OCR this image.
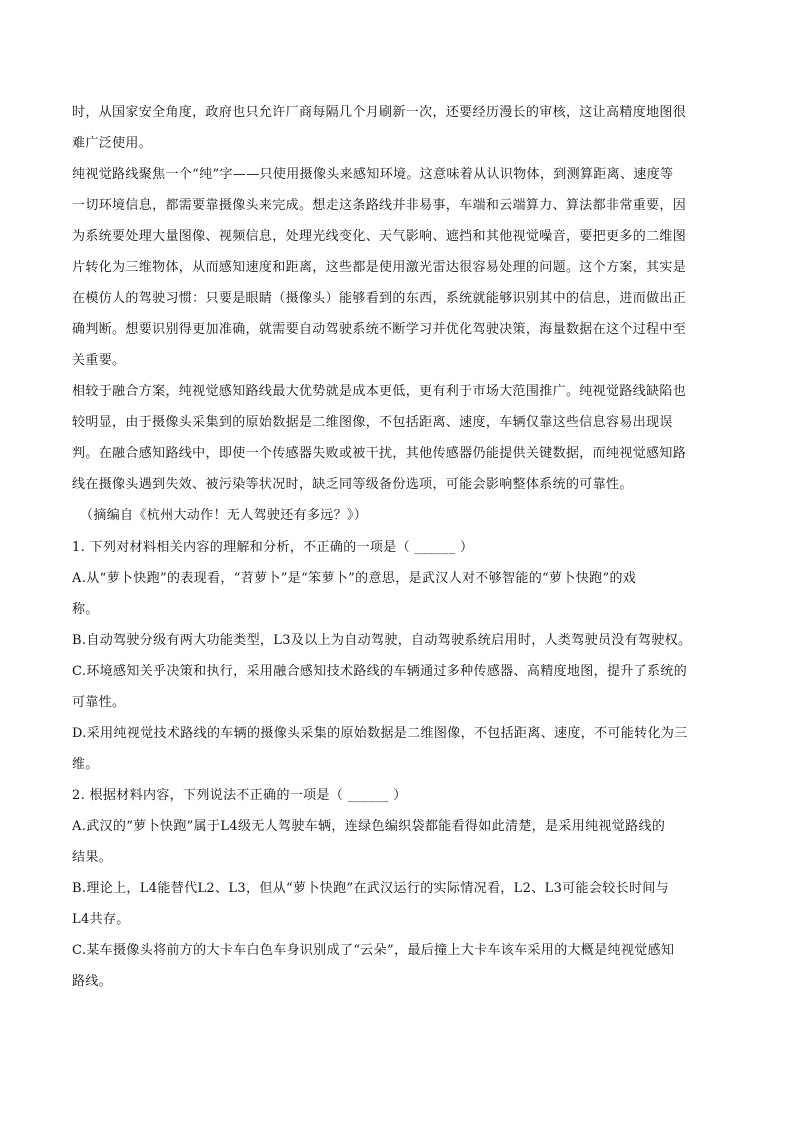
时，从国家安全角度，政府也只允许厂商每隔几个月刷新一次，还要经历漫长的审核，这让高精度地图很

难广泛使用。

纯视觉路线聚焦一个“纯”字——只使用摄像头来感知环境。这意味着从认识物体，到测算距离、速度等

一切环境信息，都需要靠摄像头来完成。想走这条路线并非易事，车端和云端算力、算法都非常重要，因

为系统要处理大量图像、视频信息，处理光线变化、天气影响、遮挡和其他视觉噪音，要把更多的二维图

片转化为三维物体，从而感知速度和距离，这些都是使用激光雷达很容易处理的问题。这个方案，其实是

在模仿人的驾驶习惯：只要是眼睛（摄像头）能够看到的东西，系统就能够识别其中的信息，进而做出正

确判断。想要识别得更加准确，就需要自动驾驶系统不断学习并优化驾驶决策，海量数据在这个过程中至

关重要。

相较于融合方案，纯视觉感知路线最大优势就是成本更低，更有利于市场大范围推广。纯视觉路线缺陷也

较明显，由于摄像头采集到的原始数据是二维图像，不包括距离、速度，车辆仅靠这些信息容易出现误

判。在融合感知路线中，即使一个传感器失败或被干扰，其他传感器仍能提供关键数据，而纯视觉感知路

线在摄像头遇到失效、被污染等状况时，缺乏同等级备份选项，可能会影响整体系统的可靠性。

（摘编自《杭州大动作！无人驾驶还有多远？》）

1. 下列对材料相关内容的理解和分析，不正确的一项是（ ______ ）

A.从“萝卜快跑”的表现看，“苕萝卜”是“笨萝卜”的意思，是武汉人对不够智能的“萝卜快跑”的戏

称。

B.自动驾驶分级有两大功能类型，L3及以上为自动驾驶，自动驾驶系统启用时，人类驾驶员没有驾驶权。

C.环境感知关乎决策和执行，采用融合感知技术路线的车辆通过多种传感器、高精度地图，提升了系统的

可靠性。

D.采用纯视觉技术路线的车辆的摄像头采集的原始数据是二维图像，不包括距离、速度，不可能转化为三

维。

2. 根据材料内容，下列说法不正确的一项是（ ______ ）

A.武汉的“萝卜快跑”属于L4级无人驾驶车辆，连绿色编织袋都能看得如此清楚，是采用纯视觉路线的

结果。

B.理论上，L4能替代L2、L3，但从“萝卜快跑”在武汉运行的实际情况看，L2、L3可能会较长时间与

L4共存。

C.某车摄像头将前方的大卡车白色车身识别成了“云朵”，最后撞上大卡车该车采用的大概是纯视觉感知

路线。
